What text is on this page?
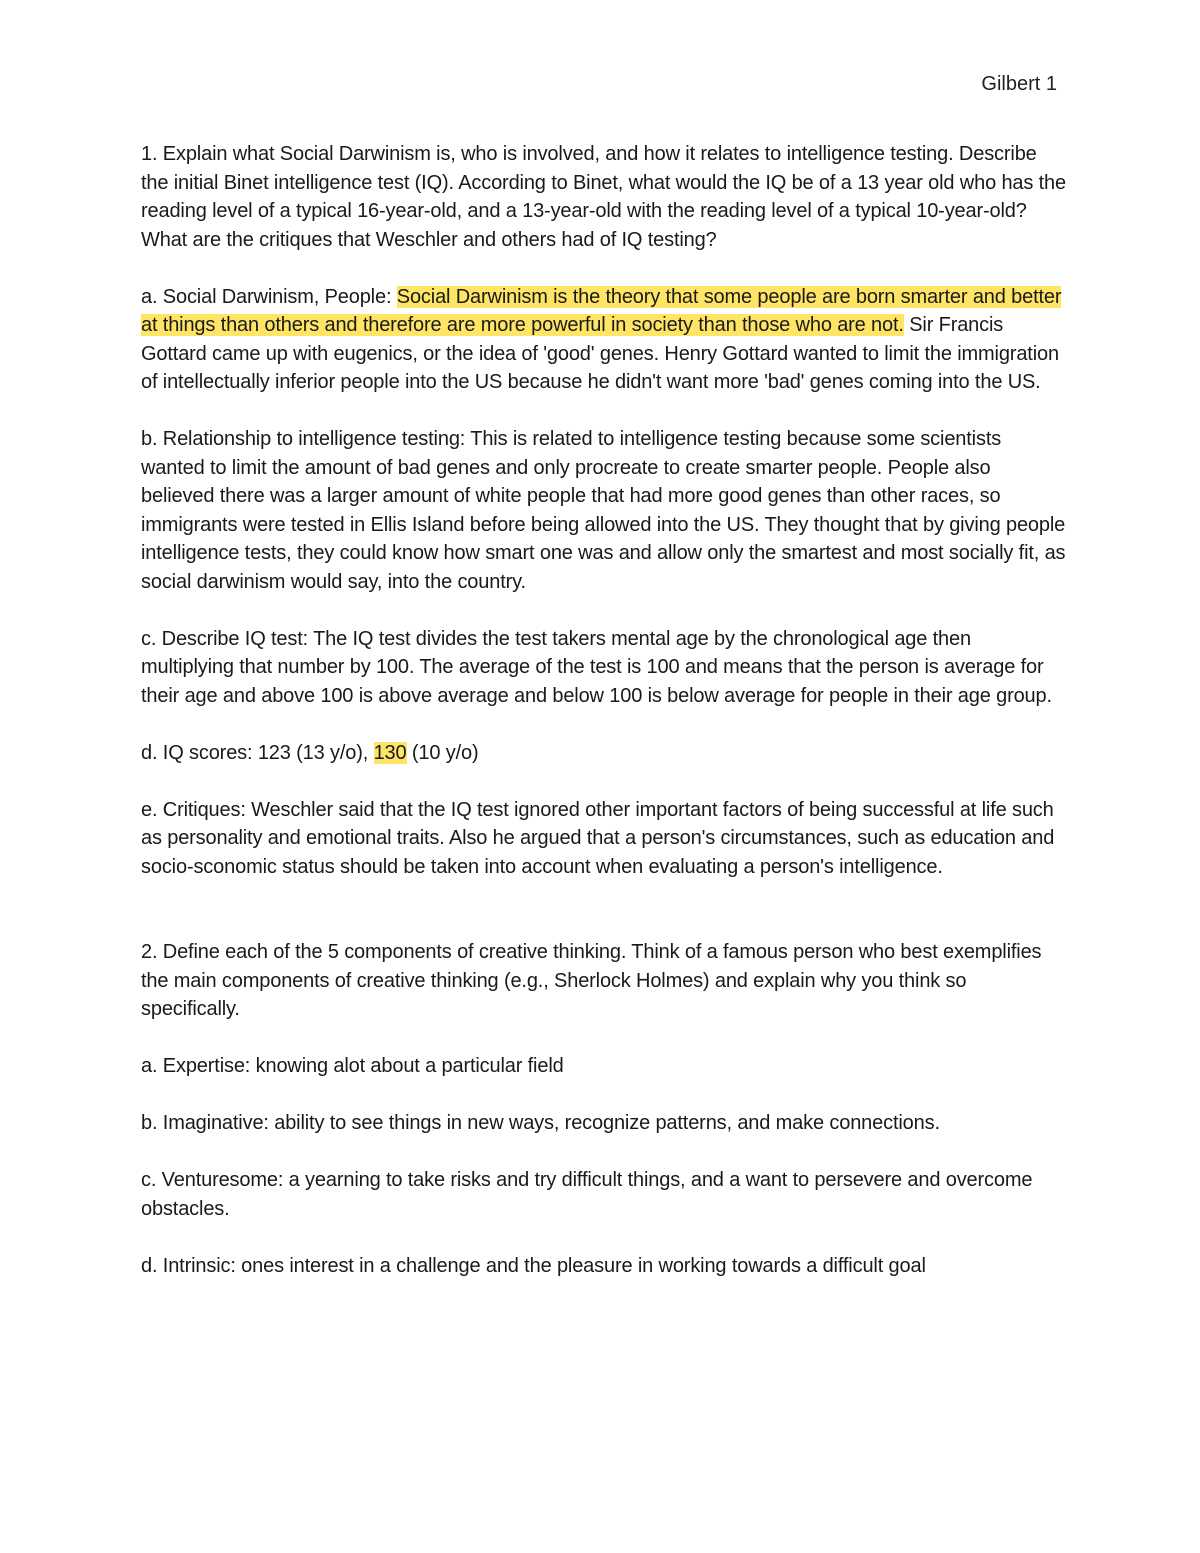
Gilbert 1

1. Explain what Social Darwinism is, who is involved, and how it relates to intelligence testing. Describe the initial Binet intelligence test (IQ). According to Binet, what would the IQ be of a 13 year old who has the reading level of a typical 16-year-old, and a 13-year-old with the reading level of a typical 10-year-old? What are the critiques that Weschler and others had of IQ testing?

a. Social Darwinism, People: Social Darwinism is the theory that some people are born smarter and better at things than others and therefore are more powerful in society than those who are not. Sir Francis Gottard came up with eugenics, or the idea of 'good' genes. Henry Gottard wanted to limit the immigration of intellectually inferior people into the US because he didn't want more 'bad' genes coming into the US.

b. Relationship to intelligence testing: This is related to intelligence testing because some scientists wanted to limit the amount of bad genes and only procreate to create smarter people. People also believed there was a larger amount of white people that had more good genes than other races, so immigrants were tested in Ellis Island before being allowed into the US. They thought that by giving people intelligence tests, they could know how smart one was and allow only the smartest and most socially fit, as social darwinism would say, into the country.

c. Describe IQ test: The IQ test divides the test takers mental age by the chronological age then multiplying that number by 100. The average of the test is 100 and means that the person is average for their age and above 100 is above average and below 100 is below average for people in their age group.

d. IQ scores: 123 (13 y/o), 130 (10 y/o)

e. Critiques: Weschler said that the IQ test ignored other important factors of being successful at life such as personality and emotional traits. Also he argued that a person's circumstances, such as education and socio-sconomic status should be taken into account when evaluating a person's intelligence.

2. Define each of the 5 components of creative thinking. Think of a famous person who best exemplifies the main components of creative thinking (e.g., Sherlock Holmes) and explain why you think so specifically.

a. Expertise: knowing alot about a particular field

b. Imaginative: ability to see things in new ways, recognize patterns, and make connections.

c. Venturesome: a yearning to take risks and try difficult things, and a want to persevere and overcome obstacles.

d. Intrinsic: ones interest in a challenge and the pleasure in working towards a difficult goal
